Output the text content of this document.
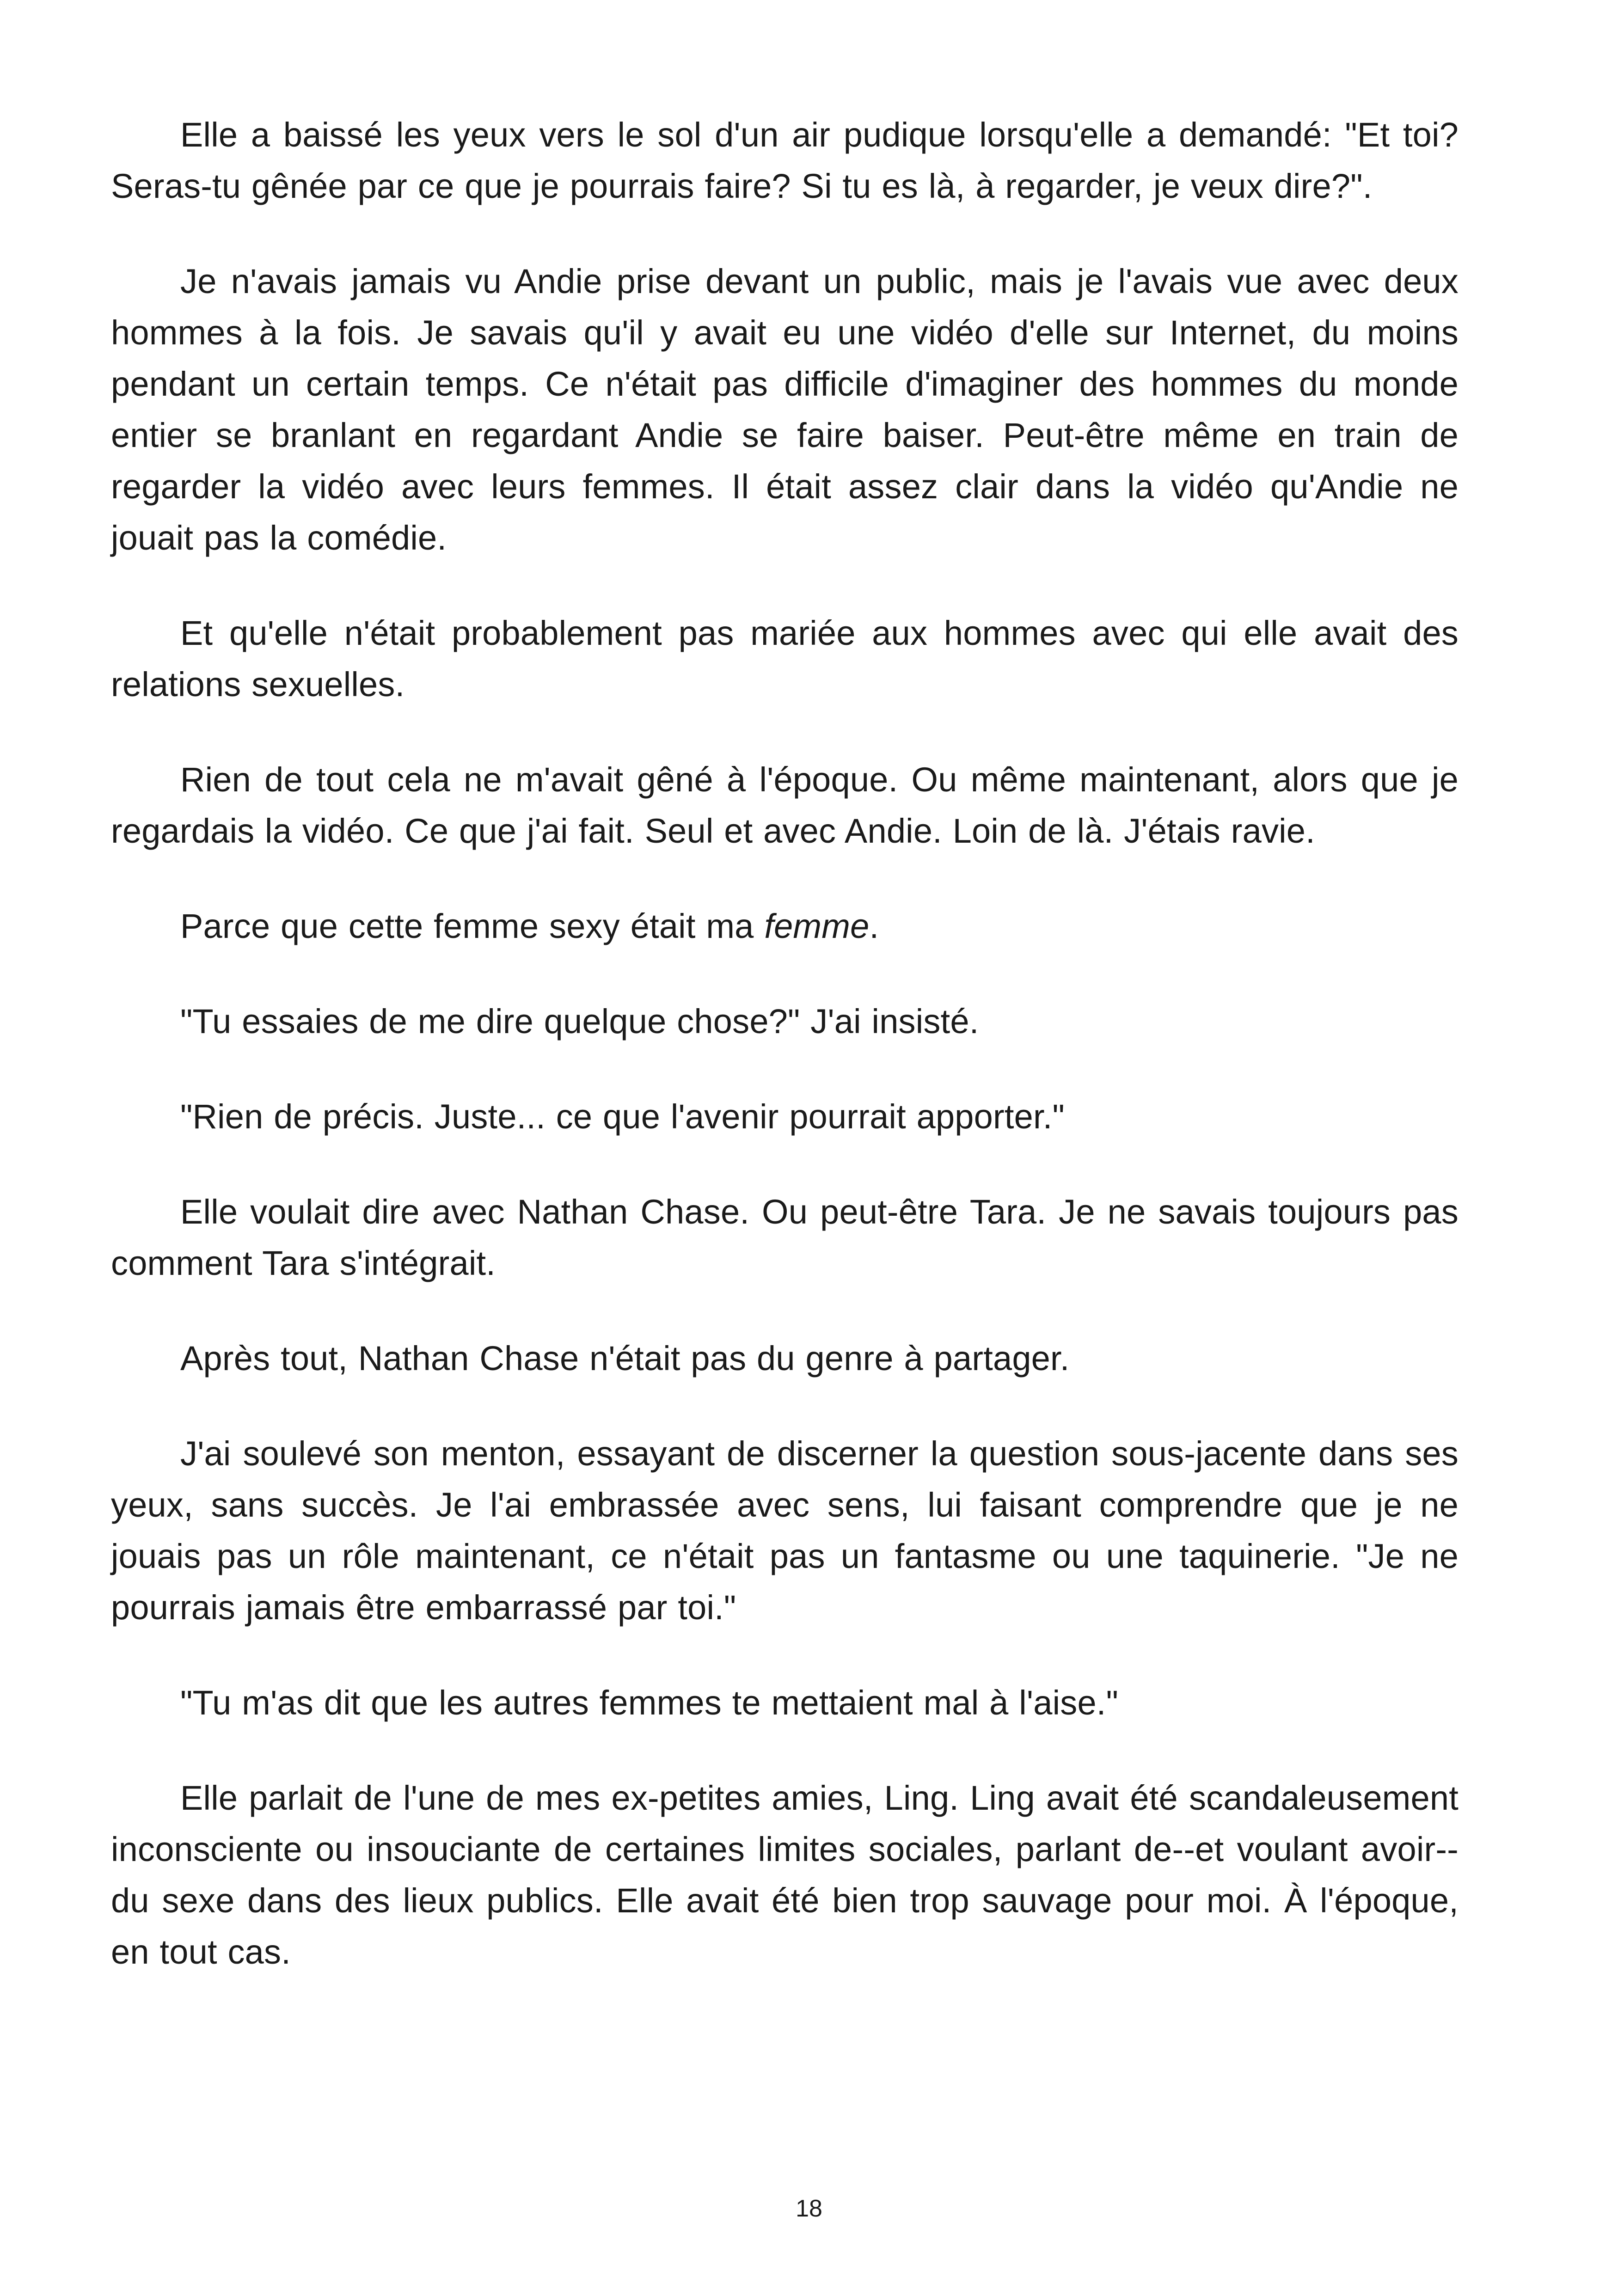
Elle a baissé les yeux vers le sol d'un air pudique lorsqu'elle a demandé: "Et toi? Seras-tu gênée par ce que je pourrais faire? Si tu es là, à regarder, je veux dire?".

Je n'avais jamais vu Andie prise devant un public, mais je l'avais vue avec deux hommes à la fois. Je savais qu'il y avait eu une vidéo d'elle sur Internet, du moins pendant un certain temps. Ce n'était pas difficile d'imaginer des hommes du monde entier se branlant en regardant Andie se faire baiser. Peut-être même en train de regarder la vidéo avec leurs femmes. Il était assez clair dans la vidéo qu'Andie ne jouait pas la comédie.

Et qu'elle n'était probablement pas mariée aux hommes avec qui elle avait des relations sexuelles.

Rien de tout cela ne m'avait gêné à l'époque. Ou même maintenant, alors que je regardais la vidéo. Ce que j'ai fait. Seul et avec Andie. Loin de là. J'étais ravie.

Parce que cette femme sexy était ma femme.

"Tu essaies de me dire quelque chose?" J'ai insisté.

"Rien de précis. Juste... ce que l'avenir pourrait apporter."

Elle voulait dire avec Nathan Chase. Ou peut-être Tara. Je ne savais toujours pas comment Tara s'intégrait.

Après tout, Nathan Chase n'était pas du genre à partager.

J'ai soulevé son menton, essayant de discerner la question sous-jacente dans ses yeux, sans succès. Je l'ai embrassée avec sens, lui faisant comprendre que je ne jouais pas un rôle maintenant, ce n'était pas un fantasme ou une taquinerie. "Je ne pourrais jamais être embarrassé par toi."

"Tu m'as dit que les autres femmes te mettaient mal à l'aise."

Elle parlait de l'une de mes ex-petites amies, Ling. Ling avait été scandaleusement inconsciente ou insouciante de certaines limites sociales, parlant de--et voulant avoir--du sexe dans des lieux publics. Elle avait été bien trop sauvage pour moi. À l'époque, en tout cas.

18
